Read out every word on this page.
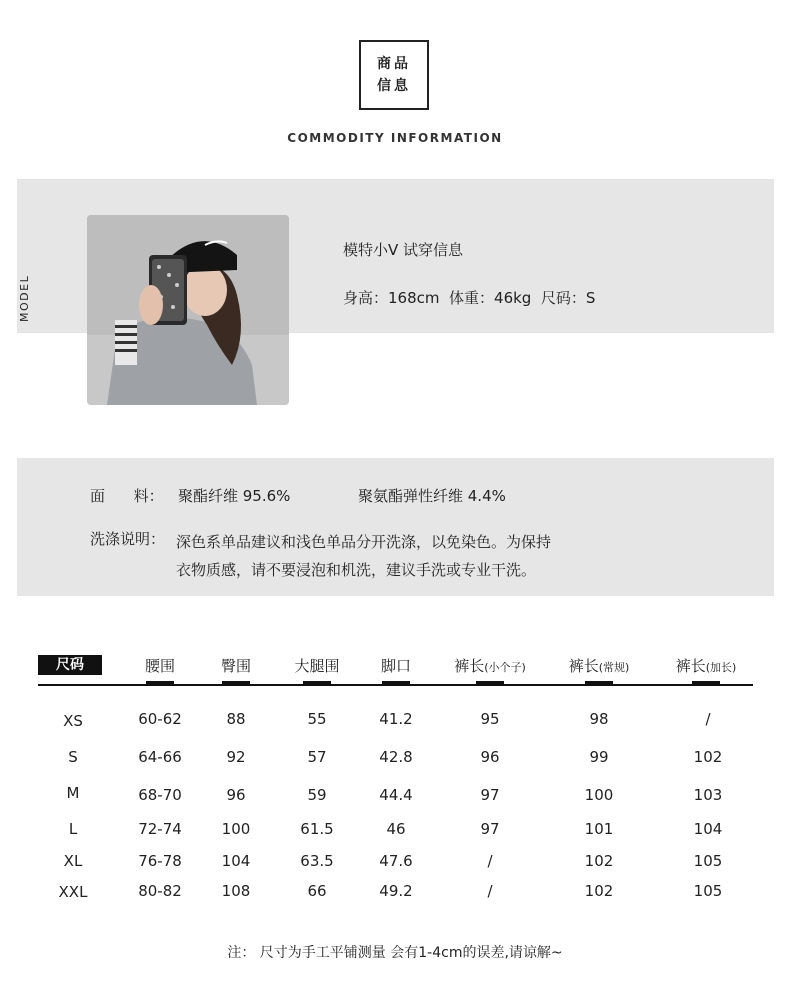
商品
信息
COMMODITY INFORMATION
MODEL
模特小V 试穿信息
身高：168cm  体重：46kg  尺码：S
面      料： 聚酯纤维 95.6%	聚氨酯弹性纤维 4.4%
洗涤说明： 深色系单品建议和浅色单品分开洗涤，以免染色。为保持
衣物质感，请不要浸泡和机洗，建议手洗或专业干洗。
尺码	腰围	臀围	大腿围	脚口	裤长(小个子)	裤长(常规)	裤长(加长)
XS	60-62	88	55	41.2	95	98	/
S	64-66	92	57	42.8	96	99	102
M	68-70	96	59	44.4	97	100	103
L	72-74	100	61.5	46	97	101	104
XL	76-78	104	63.5	47.6	/	102	105
XXL	80-82	108	66	49.2	/	102	105
注： 尺寸为手工平铺测量 会有1-4cm的误差,请谅解~
